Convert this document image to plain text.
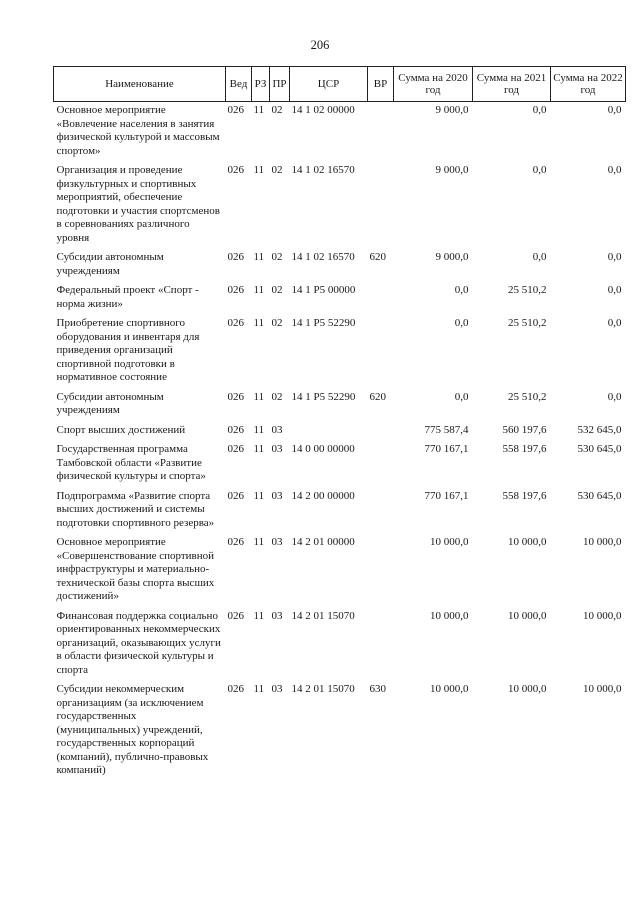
206
Наименование	Вед	РЗ	ПР	ЦСР	ВР	Сумма на 2020 год	Сумма на 2021 год	Сумма на 2022 год
Основное мероприятие «Вовлечение населения в занятия физической культурой и массовым спортом»	026	11	02	14 1 02 00000		9 000,0	0,0	0,0
Организация и проведение физкультурных и спортивных мероприятий, обеспечение подготовки и участия спортсменов в соревнованиях различного уровня	026	11	02	14 1 02 16570		9 000,0	0,0	0,0
Субсидии автономным учреждениям	026	11	02	14 1 02 16570	620	9 000,0	0,0	0,0
Федеральный проект «Спорт - норма жизни»	026	11	02	14 1 P5 00000		0,0	25 510,2	0,0
Приобретение спортивного оборудования и инвентаря для приведения организаций спортивной подготовки в нормативное состояние	026	11	02	14 1 P5 52290		0,0	25 510,2	0,0
Субсидии автономным учреждениям	026	11	02	14 1 P5 52290	620	0,0	25 510,2	0,0
Спорт высших достижений	026	11	03			775 587,4	560 197,6	532 645,0
Государственная программа Тамбовской области «Развитие физической культуры и спорта»	026	11	03	14 0 00 00000		770 167,1	558 197,6	530 645,0
Подпрограмма «Развитие спорта высших достижений и системы подготовки спортивного резерва»	026	11	03	14 2 00 00000		770 167,1	558 197,6	530 645,0
Основное мероприятие «Совершенствование спортивной инфраструктуры и материально-технической базы спорта высших достижений»	026	11	03	14 2 01 00000		10 000,0	10 000,0	10 000,0
Финансовая поддержка социально ориентированных некоммерческих организаций, оказывающих услуги в области физической культуры и спорта	026	11	03	14 2 01 15070		10 000,0	10 000,0	10 000,0
Субсидии некоммерческим организациям (за исключением государственных (муниципальных) учреждений, государственных корпораций (компаний), публично-правовых компаний)	026	11	03	14 2 01 15070	630	10 000,0	10 000,0	10 000,0
